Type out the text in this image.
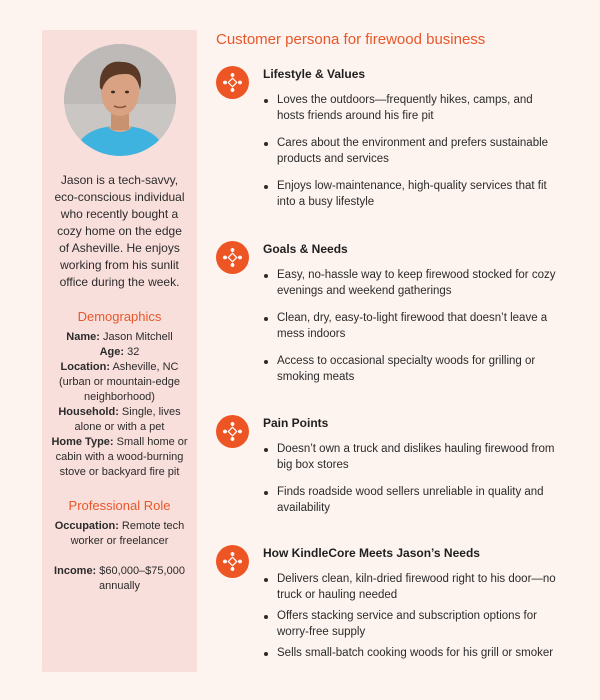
Jason is a tech-savvy, eco-conscious individual who recently bought a cozy home on the edge of Asheville. He enjoys working from his sunlit office during the week.
Demographics
Name: Jason Mitchell
Age: 32
Location: Asheville, NC (urban or mountain-edge neighborhood)
Household: Single, lives alone or with a pet
Home Type: Small home or cabin with a wood-burning stove or backyard fire pit
Professional Role
Occupation: Remote tech worker or freelancer
Income: $60,000–$75,000 annually
Customer persona for firewood business
Lifestyle & Values
Loves the outdoors—frequently hikes, camps, and hosts friends around his fire pit
Cares about the environment and prefers sustainable products and services
Enjoys low-maintenance, high-quality services that fit into a busy lifestyle
Goals & Needs
Easy, no-hassle way to keep firewood stocked for cozy evenings and weekend gatherings
Clean, dry, easy-to-light firewood that doesn’t leave a mess indoors
Access to occasional specialty woods for grilling or smoking meats
Pain Points
Doesn’t own a truck and dislikes hauling firewood from big box stores
Finds roadside wood sellers unreliable in quality and availability
How KindleCore Meets Jason’s Needs
Delivers clean, kiln-dried firewood right to his door—no truck or hauling needed
Offers stacking service and subscription options for worry-free supply
Sells small-batch cooking woods for his grill or smoker
